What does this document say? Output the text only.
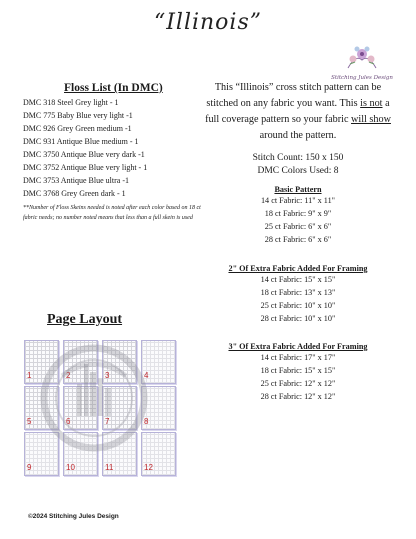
“Illinois”
Stitching Jules Design
Floss List (In DMC)
DMC 318 Steel Grey light - 1
DMC 775 Baby Blue very light -1
DMC 926 Grey Green medium -1
DMC 931 Antique Blue medium - 1
DMC 3750 Antique Blue very dark -1
DMC 3752 Antique Blue very light - 1
DMC 3753 Antique Blue ultra -1
DMC 3768 Grey Green dark - 1
**Number of Floss Skeins needed is noted after each color based on 18 ct fabric needs; no number noted means that less than a full skein is used
This “Illinois” cross stitch pattern can be stitched on any fabric you want. This is not a full coverage pattern so your fabric will show around the pattern.
Stitch Count: 150 x 150
DMC Colors Used: 8
Basic Pattern
14 ct Fabric: 11" x 11"
18 ct Fabric: 9" x 9"
25 ct Fabric: 6" x 6"
28 ct Fabric: 6" x 6"
2" Of Extra Fabric Added For Framing
14 ct Fabric: 15" x 15"
18 ct Fabric: 13" x 13"
25 ct Fabric: 10" x 10"
28 ct Fabric: 10" x 10"
3" Of Extra Fabric Added For Framing
14 ct Fabric: 17" x 17"
18 ct Fabric: 15" x 15"
25 ct Fabric: 12" x 12"
28 ct Fabric: 12" x 12"
Page Layout
1	2	3	4
5	6	7	8
9	10	11	12
©2024 Stitching Jules Design
